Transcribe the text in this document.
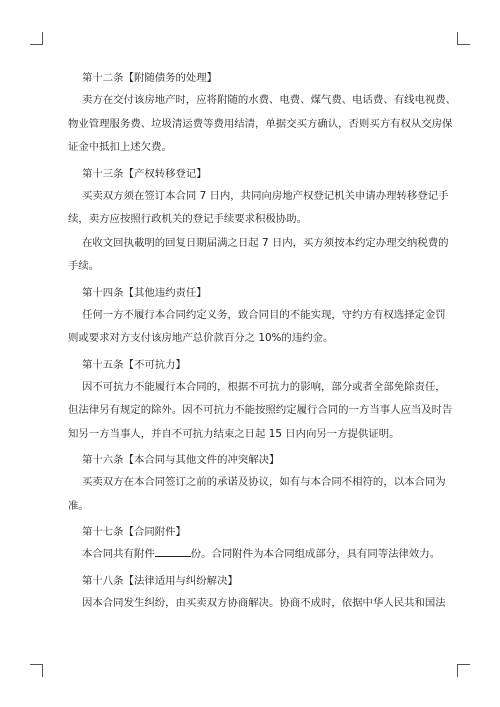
第十二条【附随债务的处理】
卖方在交付该房地产时，应将附随的水费、电费、煤气费、电话费、有线电视费、
物业管理服务费、垃圾清运费等费用结清，单据交买方确认，否则买方有权从交房保
证金中抵扣上述欠费。
第十三条【产权转移登记】
买卖双方须在签订本合同 7 日内，共同向房地产权登记机关申请办理转移登记手
续，卖方应按照行政机关的登记手续要求积极协助。
在收文回执載明的回复日期届满之日起 7 日内，买方须按本约定办理交纳税费的
手续。
第十四条【其他违约责任】
任何一方不履行本合同约定义务，致合同目的不能实现，守约方有权选择定金罚
则或要求对方支付该房地产总价款百分之 10%的违约金。
第十五条【不可抗力】
因不可抗力不能履行本合同的，根据不可抗力的影响，部分或者全部免除责任，
但法律另有规定的除外。因不可抗力不能按照约定履行合同的一方当事人应当及时告
知另一方当事人，并自不可抗力结束之日起 15 日内向另一方提供证明。
第十六条【本合同与其他文件的冲突解决】
买卖双方在本合同签订之前的承诺及协议，如有与本合同不相符的，以本合同为
准。
第十七条【合同附件】
本合同共有附件	份。合同附件为本合同组成部分，具有同等法律效力。
第十八条【法律适用与纠纷解决】
因本合同发生纠纷，由买卖双方协商解决。协商不成时，依据中华人民共和国法
